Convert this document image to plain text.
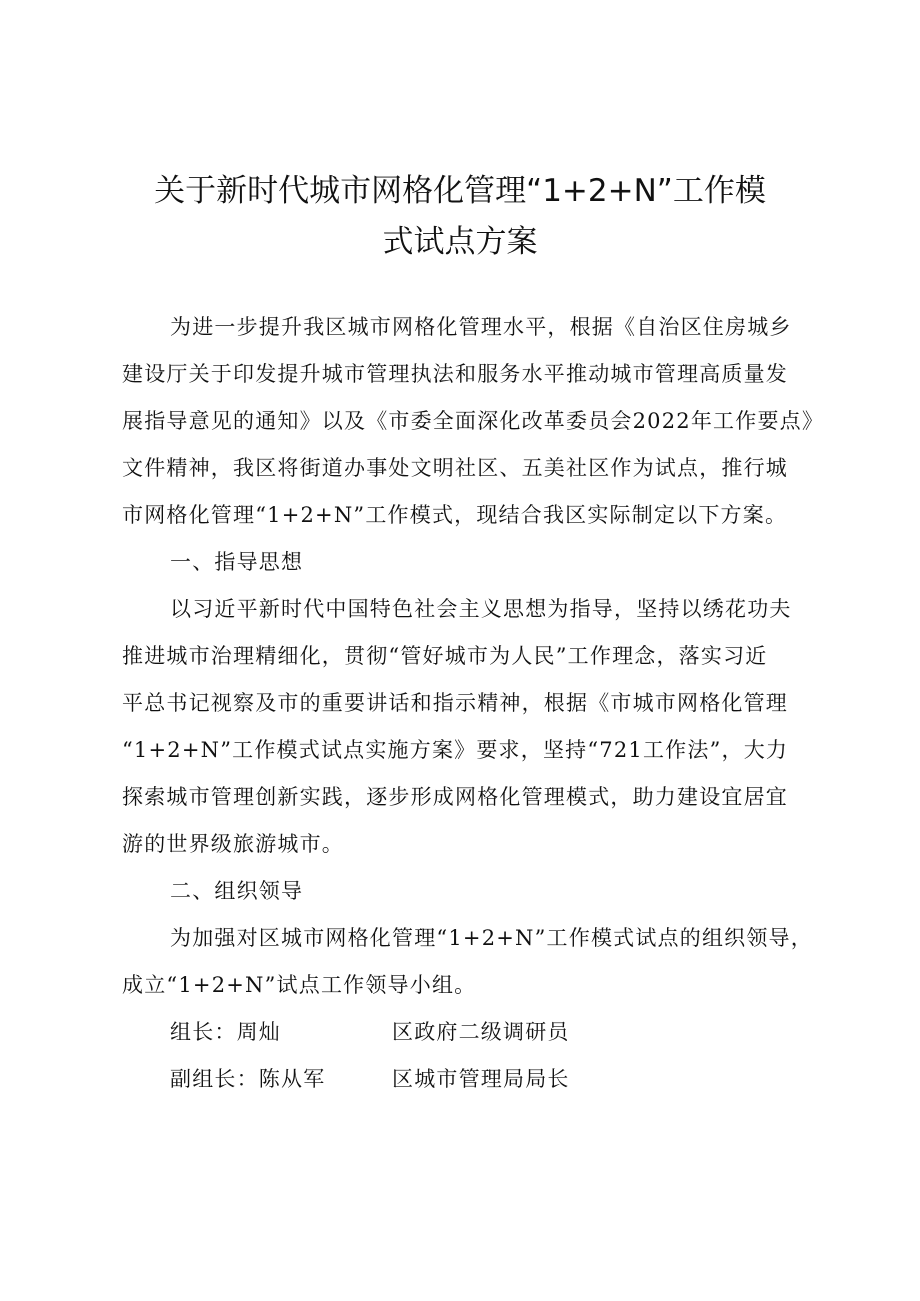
关于新时代城市网格化管理“1+2+N”工作模
式试点方案

为进一步提升我区城市网格化管理水平，根据《自治区住房城乡
建设厅关于印发提升城市管理执法和服务水平推动城市管理高质量发
展指导意见的通知》以及《市委全面深化改革委员会2022年工作要点》
文件精神，我区将街道办事处文明社区、五美社区作为试点，推行城
市网格化管理“1+2+N”工作模式，现结合我区实际制定以下方案。

一、指导思想

以习近平新时代中国特色社会主义思想为指导，坚持以绣花功夫
推进城市治理精细化，贯彻“管好城市为人民”工作理念，落实习近
平总书记视察及市的重要讲话和指示精神，根据《市城市网格化管理
“1+2+N”工作模式试点实施方案》要求，坚持“721工作法”，大力
探索城市管理创新实践，逐步形成网格化管理模式，助力建设宜居宜
游的世界级旅游城市。

二、组织领导

为加强对区城市网格化管理“1+2+N”工作模式试点的组织领导，
成立“1+2+N”试点工作领导小组。

组长：周灿	区政府二级调研员
副组长：陈从军	区城市管理局局长
